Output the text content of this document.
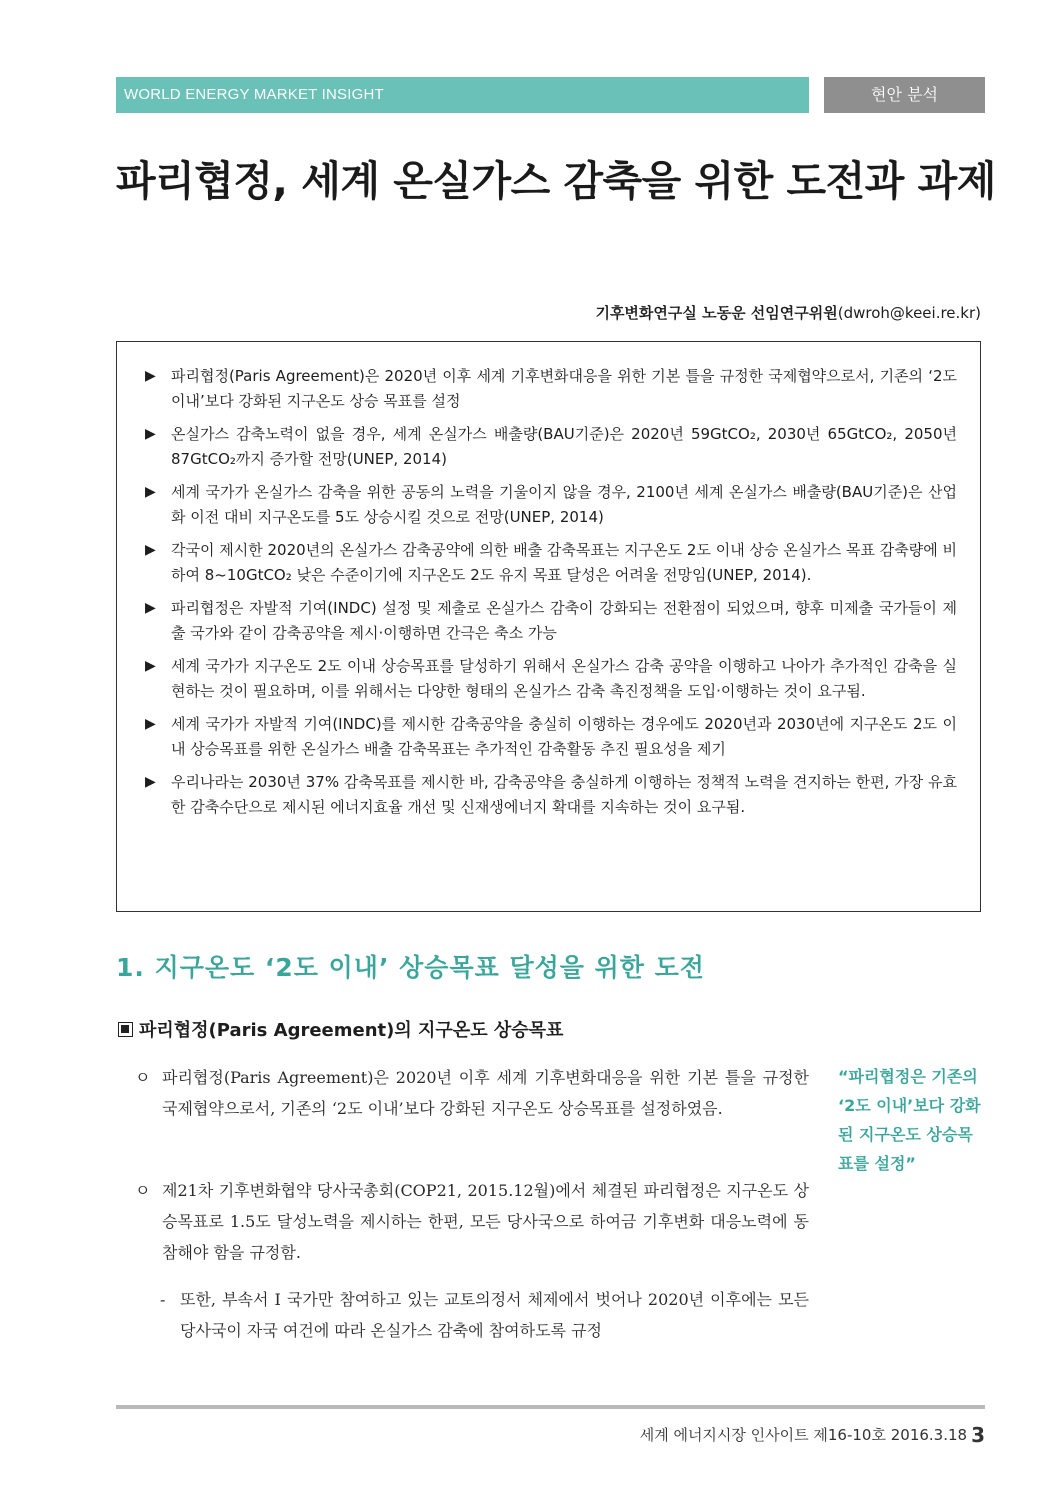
WORLD ENERGY MARKET INSIGHT	현안 분석
파리협정, 세계 온실가스 감축을 위한 도전과 과제
기후변화연구실 노동운 선임연구위원(dwroh@keei.re.kr)
▶ 파리협정(Paris Agreement)은 2020년 이후 세계 기후변화대응을 위한 기본 틀을 규정한 국제협약으로서, 기존의 ‘2도 이내’보다 강화된 지구온도 상승 목표를 설정
▶ 온실가스 감축노력이 없을 경우, 세계 온실가스 배출량(BAU기준)은 2020년 59GtCO₂, 2030년 65GtCO₂, 2050년 87GtCO₂까지 증가할 전망(UNEP, 2014)
▶ 세계 국가가 온실가스 감축을 위한 공동의 노력을 기울이지 않을 경우, 2100년 세계 온실가스 배출량(BAU기준)은 산업화 이전 대비 지구온도를 5도 상승시킬 것으로 전망(UNEP, 2014)
▶ 각국이 제시한 2020년의 온실가스 감축공약에 의한 배출 감축목표는 지구온도 2도 이내 상승 온실가스 목표 감축량에 비하여 8~10GtCO₂ 낮은 수준이기에 지구온도 2도 유지 목표 달성은 어려울 전망임(UNEP, 2014).
▶ 파리협정은 자발적 기여(INDC) 설정 및 제출로 온실가스 감축이 강화되는 전환점이 되었으며, 향후 미제출 국가들이 제출 국가와 같이 감축공약을 제시·이행하면 간극은 축소 가능
▶ 세계 국가가 지구온도 2도 이내 상승목표를 달성하기 위해서 온실가스 감축 공약을 이행하고 나아가 추가적인 감축을 실현하는 것이 필요하며, 이를 위해서는 다양한 형태의 온실가스 감축 촉진정책을 도입·이행하는 것이 요구됨.
▶ 세계 국가가 자발적 기여(INDC)를 제시한 감축공약을 충실히 이행하는 경우에도 2020년과 2030년에 지구온도 2도 이내 상승목표를 위한 온실가스 배출 감축목표는 추가적인 감축활동 추진 필요성을 제기
▶ 우리나라는 2030년 37% 감축목표를 제시한 바, 감축공약을 충실하게 이행하는 정책적 노력을 견지하는 한편, 가장 유효한 감축수단으로 제시된 에너지효율 개선 및 신재생에너지 확대를 지속하는 것이 요구됨.
1. 지구온도 ‘2도 이내’ 상승목표 달성을 위한 도전
파리협정(Paris Agreement)의 지구온도 상승목표
ㅇ 파리협정(Paris Agreement)은 2020년 이후 세계 기후변화대응을 위한 기본 틀을 규정한 국제협약으로서, 기존의 ‘2도 이내’보다 강화된 지구온도 상승목표를 설정하였음.

ㅇ 제21차 기후변화협약 당사국총회(COP21, 2015.12월)에서 체결된 파리협정은 지구온도 상승목표로 1.5도 달성노력을 제시하는 한편, 모든 당사국으로 하여금 기후변화 대응노력에 동참해야 함을 규정함.

- 또한, 부속서 I 국가만 참여하고 있는 교토의정서 체제에서 벗어나 2020년 이후에는 모든 당사국이 자국 여건에 따라 온실가스 감축에 참여하도록 규정

“파리협정은 기존의 ‘2도 이내’보다 강화된 지구온도 상승목표를 설정”
세계 에너지시장 인사이트 제16-10호 2016.3.18 3
